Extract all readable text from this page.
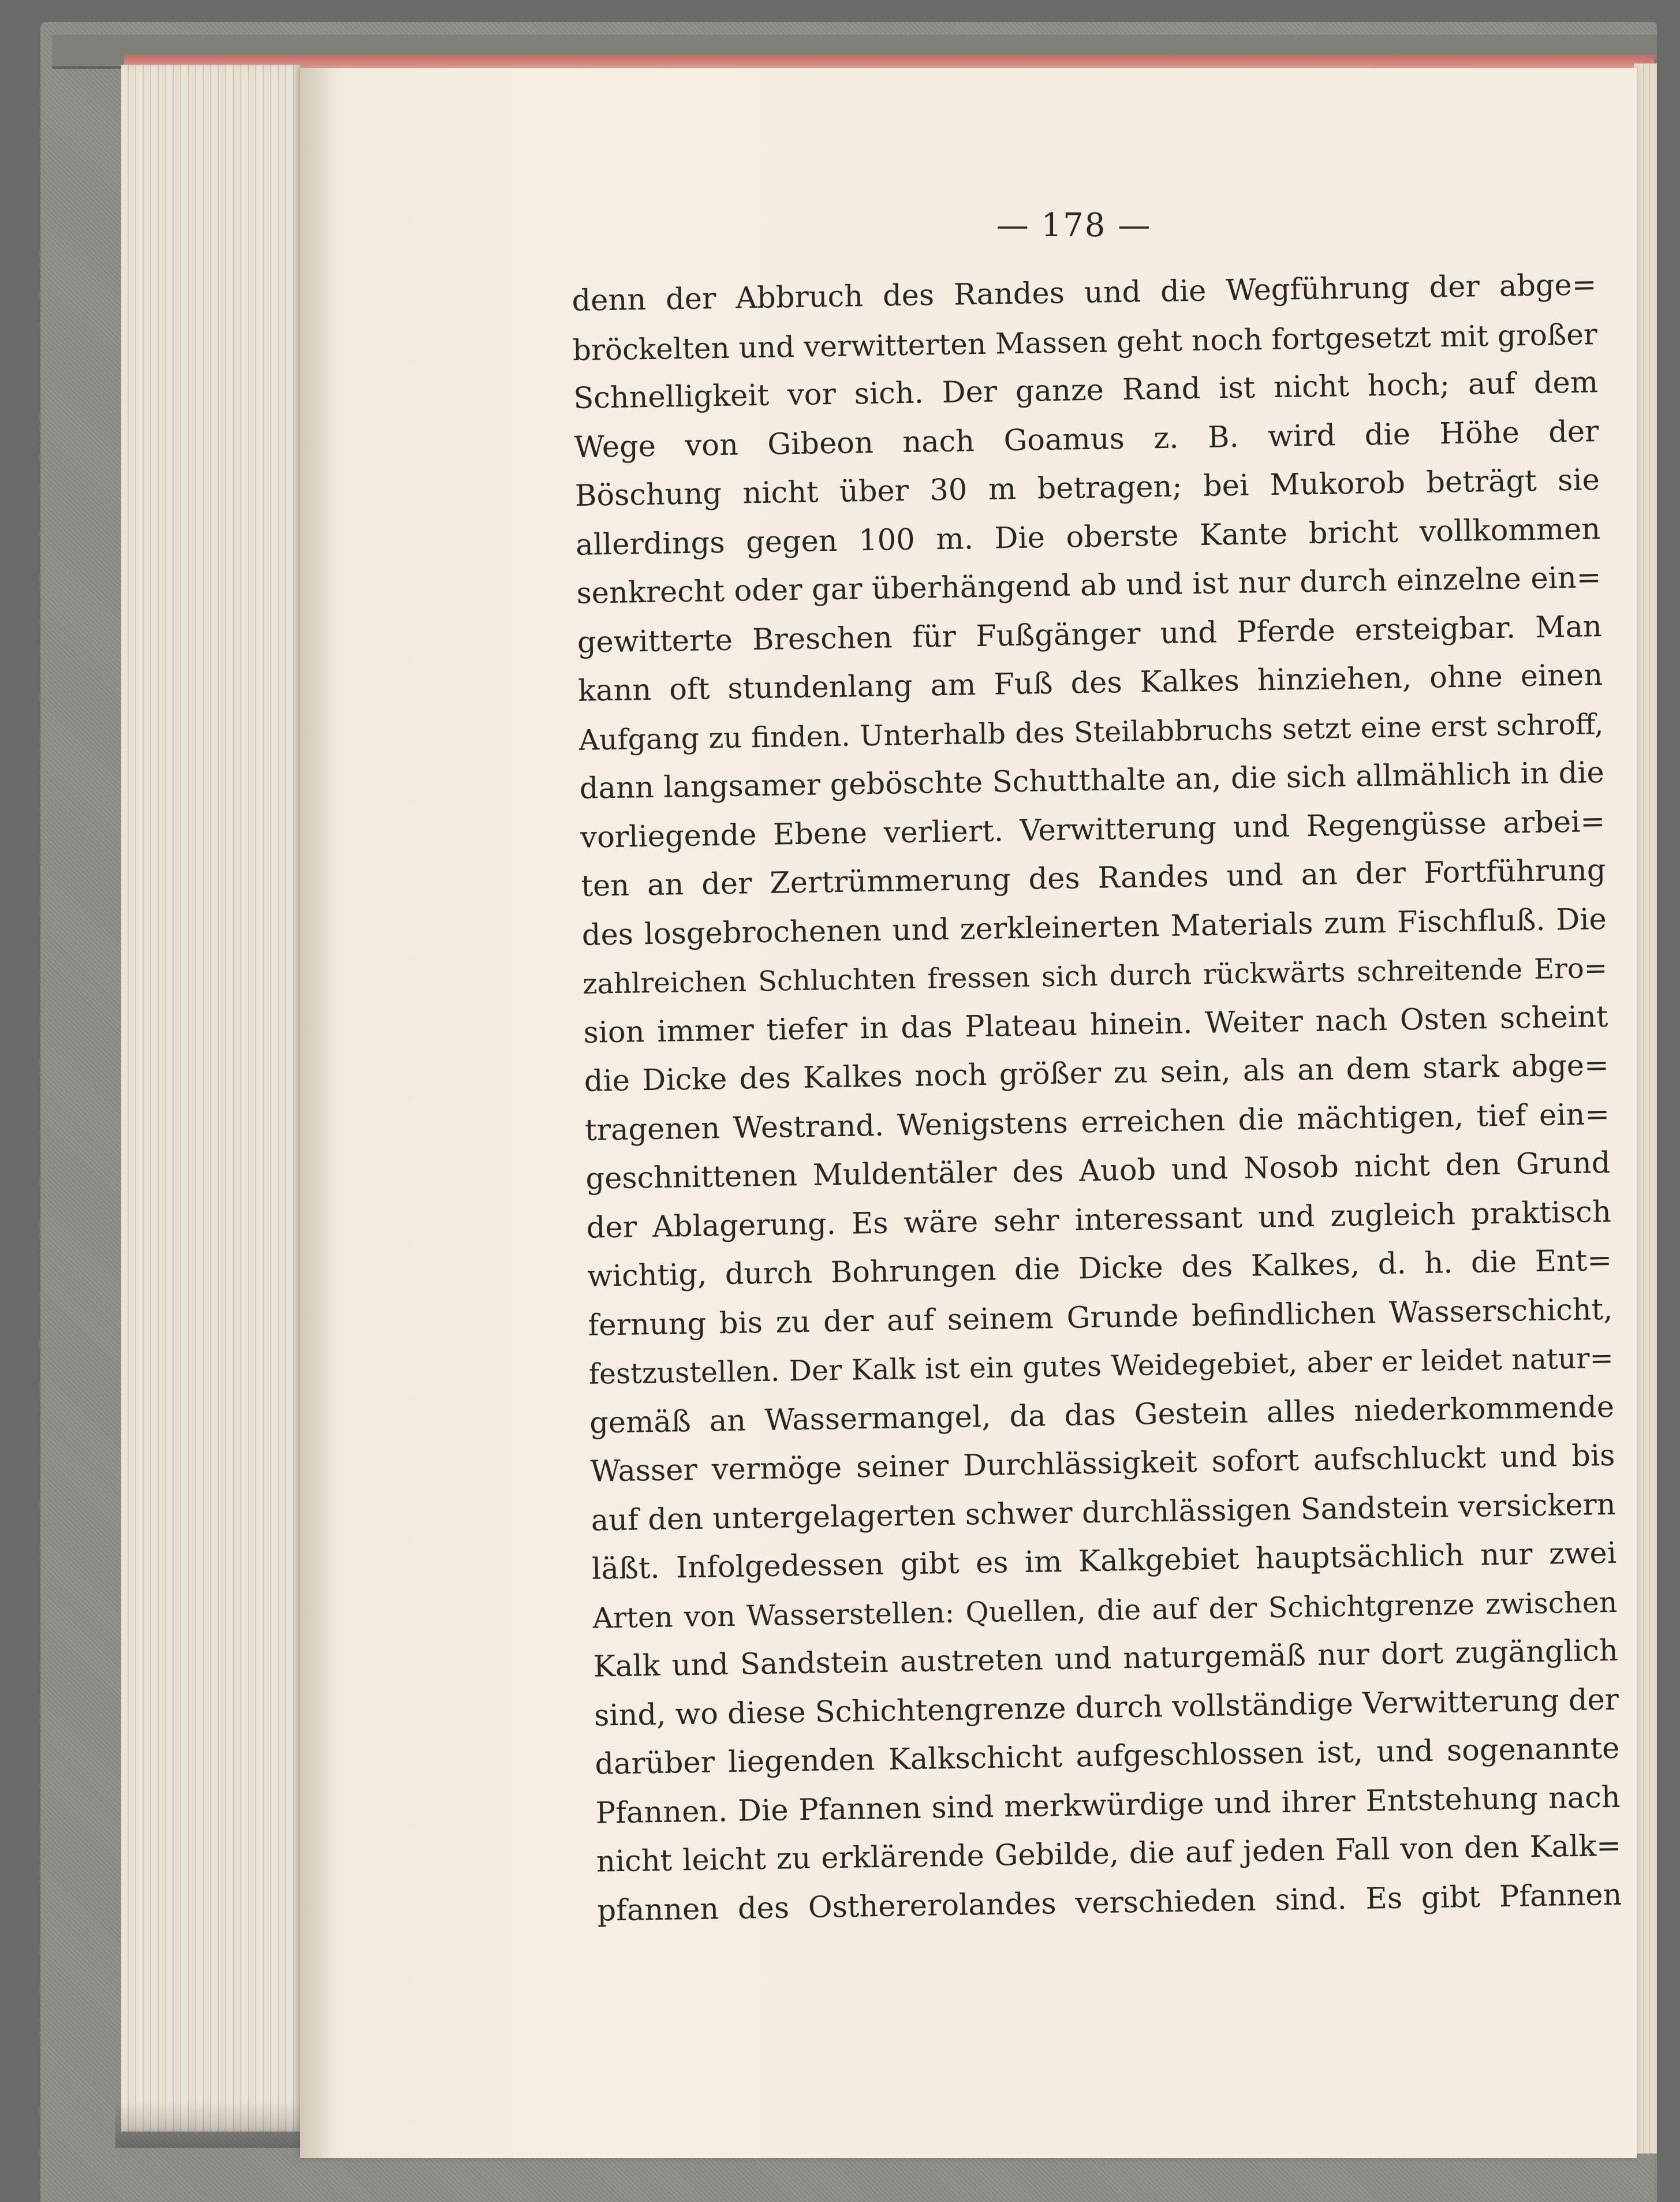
— 178 —
denn der Abbruch des Randes und die Wegführung der abge=
bröckelten und verwitterten Massen geht noch fortgesetzt mit großer
Schnelligkeit vor sich. Der ganze Rand ist nicht hoch; auf dem
Wege von Gibeon nach Goamus z. B. wird die Höhe der
Böschung nicht über 30 m betragen; bei Mukorob beträgt sie
allerdings gegen 100 m. Die oberste Kante bricht vollkommen
senkrecht oder gar überhängend ab und ist nur durch einzelne ein=
gewitterte Breschen für Fußgänger und Pferde ersteigbar. Man
kann oft stundenlang am Fuß des Kalkes hinziehen, ohne einen
Aufgang zu finden. Unterhalb des Steilabbruchs setzt eine erst schroff,
dann langsamer geböschte Schutthalte an, die sich allmählich in die
vorliegende Ebene verliert. Verwitterung und Regengüsse arbei=
ten an der Zertrümmerung des Randes und an der Fortführung
des losgebrochenen und zerkleinerten Materials zum Fischfluß. Die
zahlreichen Schluchten fressen sich durch rückwärts schreitende Ero=
sion immer tiefer in das Plateau hinein. Weiter nach Osten scheint
die Dicke des Kalkes noch größer zu sein, als an dem stark abge=
tragenen Westrand. Wenigstens erreichen die mächtigen, tief ein=
geschnittenen Muldentäler des Auob und Nosob nicht den Grund
der Ablagerung. Es wäre sehr interessant und zugleich praktisch
wichtig, durch Bohrungen die Dicke des Kalkes, d. h. die Ent=
fernung bis zu der auf seinem Grunde befindlichen Wasserschicht,
festzustellen. Der Kalk ist ein gutes Weidegebiet, aber er leidet natur=
gemäß an Wassermangel, da das Gestein alles niederkommende
Wasser vermöge seiner Durchlässigkeit sofort aufschluckt und bis
auf den untergelagerten schwer durchlässigen Sandstein versickern
läßt. Infolgedessen gibt es im Kalkgebiet hauptsächlich nur zwei
Arten von Wasserstellen: Quellen, die auf der Schichtgrenze zwischen
Kalk und Sandstein austreten und naturgemäß nur dort zugänglich
sind, wo diese Schichtengrenze durch vollständige Verwitterung der
darüber liegenden Kalkschicht aufgeschlossen ist, und sogenannte
Pfannen. Die Pfannen sind merkwürdige und ihrer Entstehung nach
nicht leicht zu erklärende Gebilde, die auf jeden Fall von den Kalk=
pfannen des Osthererolandes verschieden sind. Es gibt Pfannen
